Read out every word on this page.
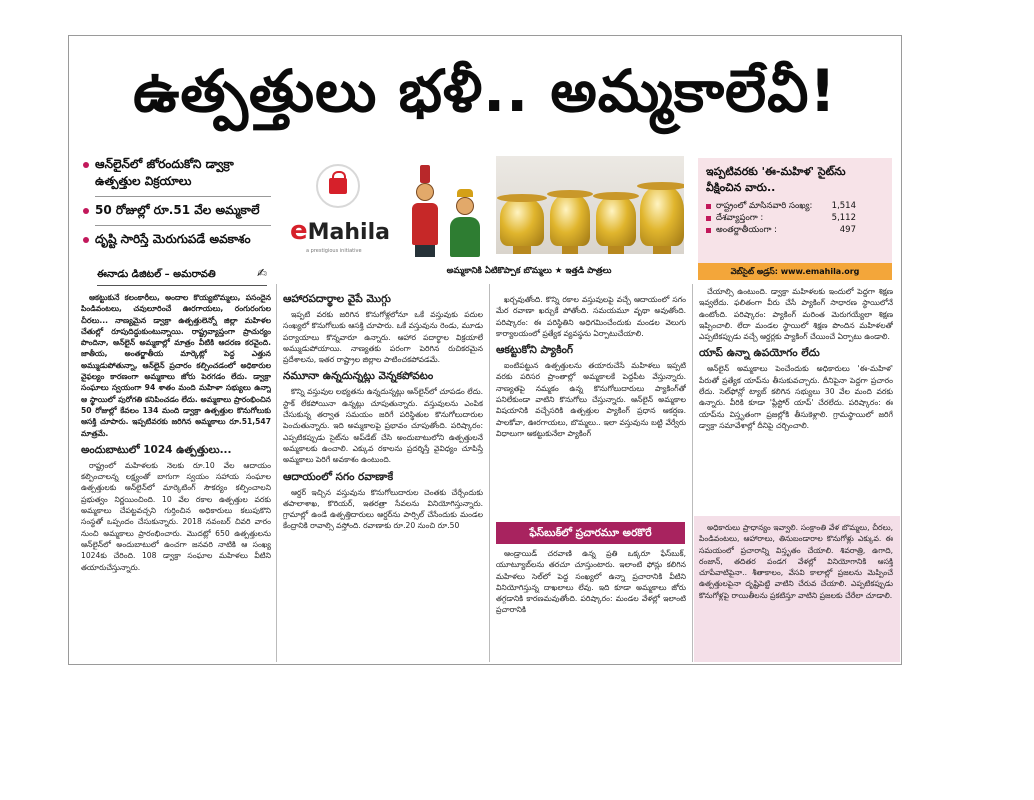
ఉత్పత్తులు భళీ.. అమ్మకాలేవీ!
ఆన్‌లైన్‌లో జోరందుకోని డ్వాక్రా ఉత్పత్తుల విక్రయాలు
50 రోజుల్లో రూ.51 వేల అమ్మకాలే
దృష్టి సారిస్తే మెరుగుపడే అవకాశం
ఈనాడు డిజిటల్ – అమరావతి	✍
eMahila
a prestigious initiative
అమ్మకానికి ఏటికొప్పాక బొమ్మలు ★ ఇత్తడి పాత్రలు
ఇప్పటివరకు 'ఈ-మహిళ' సైట్‌ను వీక్షించిన వారు..
రాష్ట్రంలో మాసినవారి సంఖ్య: 1,514
దేశవ్యాప్తంగా :	5,112
అంతర్జాతీయంగా :	497
వెబ్‌సైట్ అడ్రస్: www.emahila.org

ఆకట్టుకునే కలంకారీలు, అందాల కొయ్యబొమ్మలు, పసందైన పిండివంటలు, చవులూరించే ఊరగాయలు, రంగురంగుల చీరలు... నాణ్యమైన డ్వాక్రా ఉత్పత్తులెన్నో జిల్లా మహిళల చేతుల్లో రూపుదిద్దుకుంటున్నాయి. రాష్ట్రవ్యాప్తంగా ప్రాచుర్యం పొందినా, ఆన్‌లైన్ అమ్మకాల్లో మాత్రం వీటికి ఆదరణ కరవైంది. జాతీయ, అంతర్జాతీయ మార్కెట్లో పెద్ద ఎత్తున అమ్ముడుపోతున్నా, ఆన్‌లైన్ ప్రచారం కల్పించడంలో అధికారుల వైఫల్యం కారణంగా అమ్మకాలు జోరు పెరగడం లేదు. డ్వాక్రా సంఘాలు స్వయంగా 94 శాతం మంది మహిళా సభ్యులు ఉన్నా ఆ స్థాయిలో పురోగతి కనిపించడం లేదు. అమ్మకాలు ప్రారంభించిన 50 రోజుల్లో కేవలం 134 మంది డ్వాక్రా ఉత్పత్తుల కొనుగోలుకు ఆసక్తి చూపారు. ఇప్పటివరకు జరిగిన అమ్మకాలు రూ.51,547 మాత్రమే.

అందుబాటులో 1024 ఉత్పత్తులు...

రాష్ట్రంలో మహిళలకు నెలకు రూ.10 వేల ఆదాయం కల్పించాలన్న లక్ష్యంతో బాగుగా స్వయం సహాయ సంఘాల ఉత్పత్తులకు ఆన్‌లైన్‌లో మార్కెటింగ్ సౌకర్యం కల్పించాలని ప్రభుత్వం నిర్ణయించింది. 10 వేల రకాల ఉత్పత్తుల వరకు అమ్మకాలు చేపట్టవచ్చని గుర్తించిన అధికారులు కలుపుకొని సంస్థతో ఒప్పందం చేసుకున్నారు. 2018 నవంబర్ చివరి వారం నుంచి అమ్మకాలు ప్రారంభించారు. మొదట్లో 650 ఉత్పత్తులను ఆన్‌లైన్‌లో అందుబాటులో ఉంచగా జనవరి నాటికి ఆ సంఖ్య 1024కు చేరింది. 108 డ్వాక్రా సంఘాల మహిళలు వీటిని తయారుచేస్తున్నారు.

ఆహారపదార్థాల వైపే మొగ్గు

ఇప్పటి వరకు జరిగిన కొనుగోళ్లలోనూ ఒకే వస్తువుకు పదుల సంఖ్యలో కొనుగోలుకు ఆసక్తి చూపారు. ఒకే వస్తువును రెండు, మూడు పర్యాయాలు కొన్నవారూ ఉన్నారు. ఆహార పదార్థాల విక్రయాలే అమ్ముడుపోయాయి. నాణ్యతకు పరంగా పెరిగిన రుచికరమైన ప్రదేశాలను, ఇతర రాష్ట్రాల జిల్లాల పాటించకపోవడమే.

నమూనా ఉన్నదున్నట్లు వెన్నకపోవటం

కొన్ని వస్తువుల లభ్యతను ఉన్నదున్నట్లు ఆన్‌లైన్‌లో చూపడం లేదు. స్టాక్ లేకపోయినా ఉన్నట్లు చూపుతున్నారు. వస్తువులను ఎంపిక చేసుకున్న తర్వాత సమయం జరిగే పరిస్థితుల కొనుగోలుదారుల పెంచుతున్నారు. ఇది అమ్మకాలపై ప్రభావం చూపుతోంది. పరిష్కారం: ఎప్పటికప్పుడు సైట్‌ను అప్‌డేట్ చేసి అందుబాటులోని ఉత్పత్తులనే అమ్మకాలకు ఉంచాలి. ఎక్కువ రకాలను ప్రదర్శిస్తే వైవిధ్యం చూపిస్తే అమ్మకాలు పెరిగే అవకాశం ఉంటుంది.

ఆదాయంలో సగం రవాణాకే

ఆర్డర్ ఇచ్చిన వస్తువును కొనుగోలుదారుల చెంతకు చేర్చేందుకు తపాలాశాఖ, కొరియర్, ఇతరత్రా సేవలను వినియోగిస్తున్నారు. గ్రామాల్లో ఉండే ఉత్పత్తిదారులు ఆర్డర్‌ను పార్సిల్ చేసేందుకు మండల కేంద్రానికి రావాల్సి వస్తోంది. రవాణాకు రూ.20 నుంచి రూ.50

ఖర్చవుతోంది. కొన్ని రకాల వస్తువులపై వచ్చే ఆదాయంలో సగం మేర రవాణా ఖర్చుకే పోతోంది. సమయమూ వృథా అవుతోంది. పరిష్కారం: ఈ పరిస్థితిని అధిగమించేందుకు మండల వెలుగు కార్యాలయంలో ప్రత్యేక వ్యవస్థను ఏర్పాటుచేయాలి.

ఆకట్టుకోని ప్యాకింగ్

ఐంటిపట్టున ఉత్పత్తులను తయారుచేసే మహిళలు ఇప్పటి వరకు పరిసర ప్రాంతాల్లో అమ్మకాలకే పెద్దపీట వేస్తున్నారు. నాణ్యతపై నమ్మకం ఉన్న కొనుగోలుదారులు ప్యాకింగ్‌తో పనిలేకుండా వాటిని కొనుగోలు చేస్తున్నారు. ఆన్‌లైన్ అమ్మకాల విషయానికి వచ్చేసరికి ఉత్పత్తుల ప్యాకింగ్ ప్రధాన ఆకర్షణ. పాలకోవా, ఊరగాయలు, బొమ్మలు.. ఇలా వస్తువును బట్టి వేర్వేరు విధాలుగా ఆకట్టుకునేలా ప్యాకింగ్

ఫేస్‌బుక్‌లో ప్రచారమూ అరకొరే

ఆండ్రాయిడ్ చరవాణి ఉన్న ప్రతి ఒక్కరూ ఫేస్‌బుక్, యూట్యూబ్‌లను తరచూ చూస్తుంటారు. ఇలాంటి ఫోన్లు కలిగిన మహిళలు సెల్‌లో పెద్ద సంఖ్యలో ఉన్నా ప్రచారానికి వీటిని వినియోగిస్తున్న దాఖలాలు లేవు. ఇది కూడా అమ్మకాలు జోరు తగ్గడానికి కారణమవుతోంది. పరిష్కారం: మండల వేళల్లో ఇలాంటి ప్రచారానికి

చేయాల్సి ఉంటుంది. డ్వాక్రా మహిళలకు ఇందులో పెద్దగా శిక్షణ ఇవ్వలేదు. ఫలితంగా వీరు చేసే ప్యాకింగ్ సాధారణ స్థాయిలోనే ఉంటోంది. పరిష్కారం: ప్యాకింగ్ మరింత మెరుగయ్యేలా శిక్షణ ఇప్పించాలి. లేదా మండల స్థాయిలో శిక్షణ పొందిన మహిళలతో ఎప్పటికప్పుడు వచ్చే ఆర్డర్లకు ప్యాకింగ్ చేయించే ఏర్పాటు ఉండాలి.

యాప్ ఉన్నా ఉపయోగం లేదు

ఆన్‌లైన్ అమ్మకాలు పెంచేందుకు అధికారులు 'ఈ-మహిళ' పేరుతో ప్రత్యేక యాప్‌ను తీసుకువచ్చారు. దీనిపైనా పెద్దగా ప్రచారం లేదు. సెల్‌ఫోన్లో ట్యాబ్ కలిగిన సభ్యులు 30 వేల మంది వరకు ఉన్నారు. వీరికి కూడా 'ప్లేస్టోర్ యాప్' చేరలేదు. పరిష్కారం: ఈ యాప్‌ను విస్తృతంగా ప్రజల్లోకి తీసుకెళ్లాలి. గ్రామస్థాయిలో జరిగే డ్వాక్రా సమావేశాల్లో దీనిపై చర్చించాలి.

అధికారులు ప్రాధాన్యం ఇవ్వాలి. సంక్రాంతి వేళ బొమ్మలు, చీరలు, పిండివంటలు, ఆహారాలు, తినుబండారాల కొనుగోళ్లు ఎక్కువ. ఈ సమయంలో ప్రచారాన్ని విస్తృతం చేయాలి. శివరాత్రి, ఉగాది, రంజాన్, తదితర పండగ వేళల్లో వినియోగానికి ఆసక్తి చూపేవాటిపైనా.. శీతాకాలం, వేసవి కాలాల్లో ప్రజలను మెప్పించే ఉత్పత్తులపైనా దృష్టిపెట్టి వాటిని చేరువ చేయాలి. ఎప్పటికప్పుడు కొనుగోళ్లపై రాయితీలను ప్రకటిస్తూ వాటిని ప్రజలకు చేరేలా చూడాలి.
